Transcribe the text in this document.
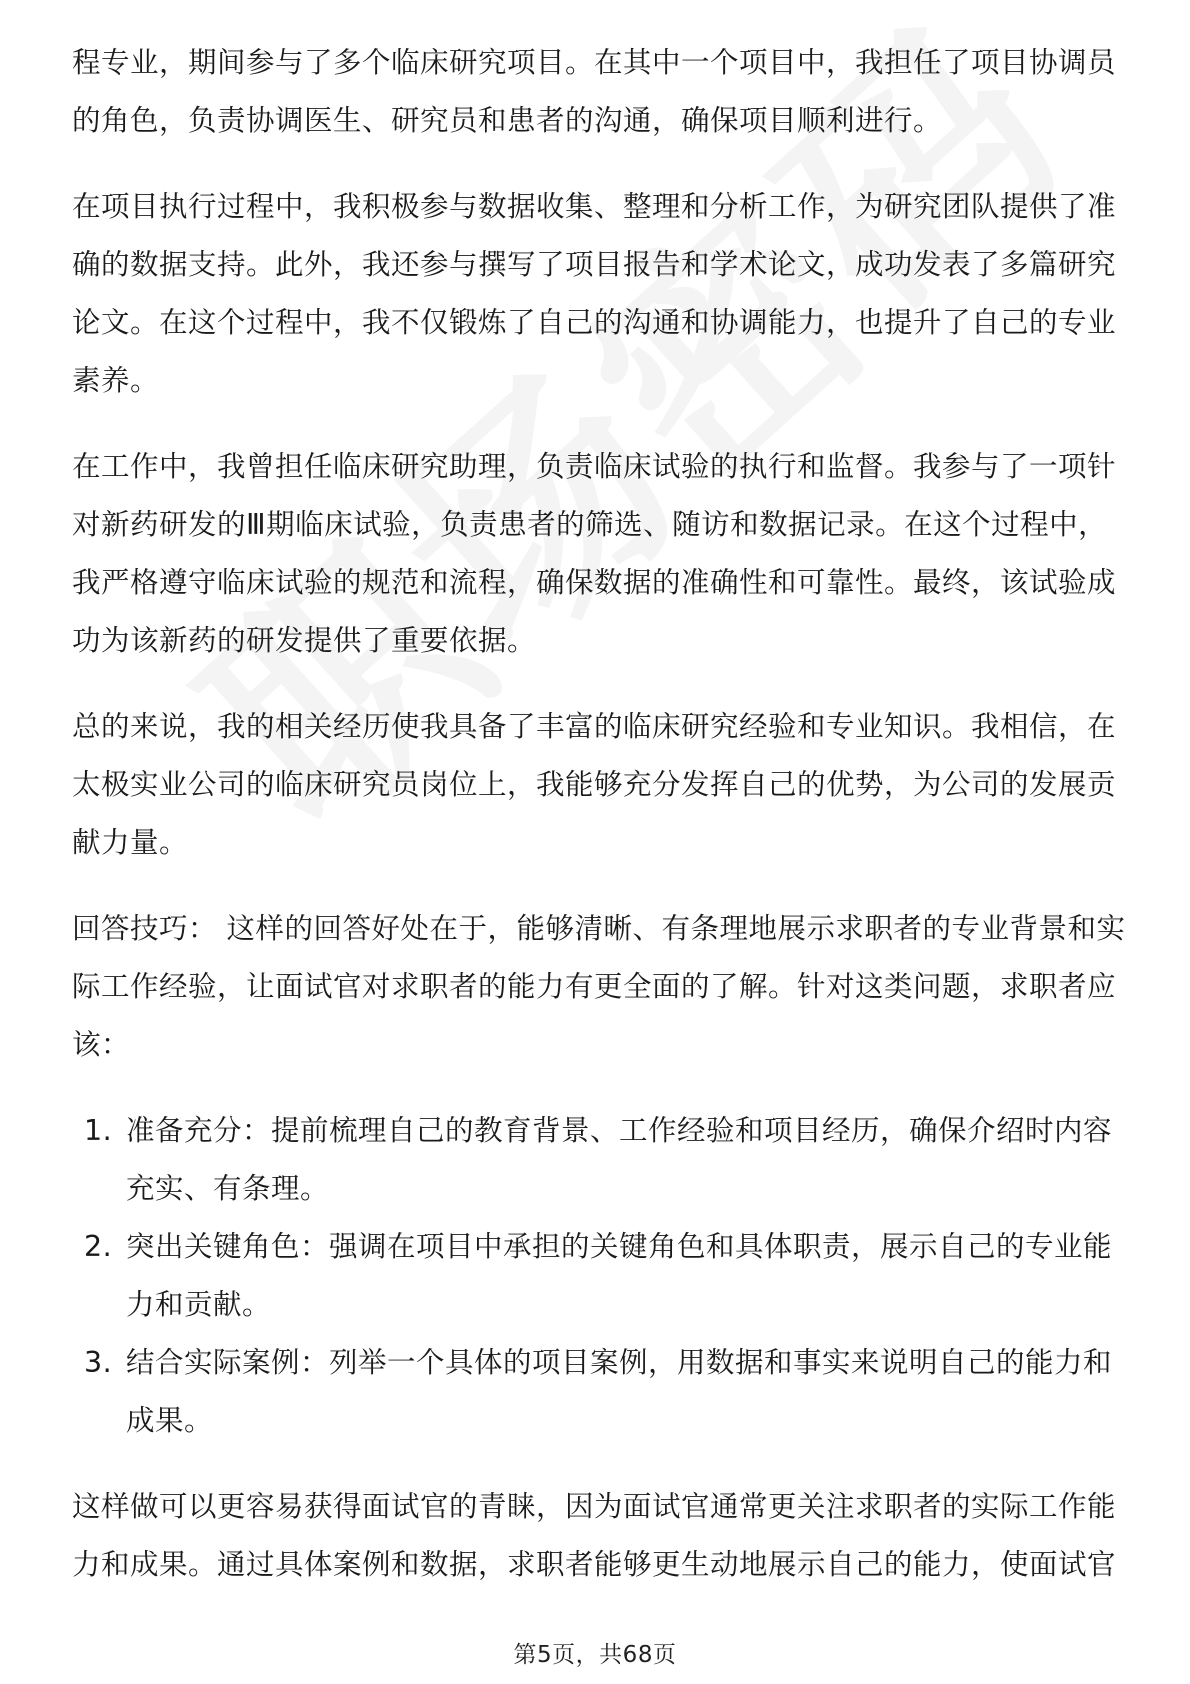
程专业，期间参与了多个临床研究项目。在其中一个项目中，我担任了项目协调员的角色，负责协调医生、研究员和患者的沟通，确保项目顺利进行。

在项目执行过程中，我积极参与数据收集、整理和分析工作，为研究团队提供了准确的数据支持。此外，我还参与撰写了项目报告和学术论文，成功发表了多篇研究论文。在这个过程中，我不仅锻炼了自己的沟通和协调能力，也提升了自己的专业素养。

在工作中，我曾担任临床研究助理，负责临床试验的执行和监督。我参与了一项针对新药研发的Ⅲ期临床试验，负责患者的筛选、随访和数据记录。在这个过程中，我严格遵守临床试验的规范和流程，确保数据的准确性和可靠性。最终，该试验成功为该新药的研发提供了重要依据。

总的来说，我的相关经历使我具备了丰富的临床研究经验和专业知识。我相信，在太极实业公司的临床研究员岗位上，我能够充分发挥自己的优势，为公司的发展贡献力量。

回答技巧： 这样的回答好处在于，能够清晰、有条理地展示求职者的专业背景和实际工作经验，让面试官对求职者的能力有更全面的了解。针对这类问题，求职者应该：

1. 准备充分：提前梳理自己的教育背景、工作经验和项目经历，确保介绍时内容充实、有条理。
2. 突出关键角色：强调在项目中承担的关键角色和具体职责，展示自己的专业能力和贡献。
3. 结合实际案例：列举一个具体的项目案例，用数据和事实来说明自己的能力和成果。

这样做可以更容易获得面试官的青睐，因为面试官通常更关注求职者的实际工作能力和成果。通过具体案例和数据，求职者能够更生动地展示自己的能力，使面试官

第5页，共68页
